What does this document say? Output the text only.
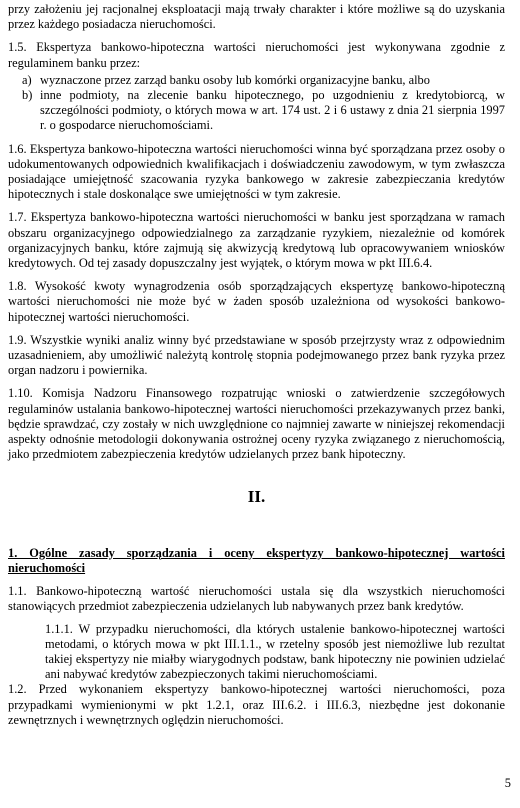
przy założeniu jej racjonalnej eksploatacji mają trwały charakter i które możliwe są do uzyskania przez każdego posiadacza nieruchomości.

1.5. Ekspertyza bankowo-hipoteczna wartości nieruchomości jest wykonywana zgodnie z regulaminem banku przez:

a) wyznaczone przez zarząd banku osoby lub komórki organizacyjne banku, albo
b) inne podmioty, na zlecenie banku hipotecznego, po uzgodnieniu z kredytobiorcą, w szczególności podmioty, o których mowa w art. 174 ust. 2 i 6 ustawy z dnia 21 sierpnia 1997 r. o gospodarce nieruchomościami.

1.6. Ekspertyza bankowo-hipoteczna wartości nieruchomości winna być sporządzana przez osoby o udokumentowanych odpowiednich kwalifikacjach i doświadczeniu zawodowym, w tym zwłaszcza posiadające umiejętność szacowania ryzyka bankowego w zakresie zabezpieczania kredytów hipotecznych i stale doskonalące swe umiejętności w tym zakresie.

1.7. Ekspertyza bankowo-hipoteczna wartości nieruchomości w banku jest sporządzana w ramach obszaru organizacyjnego odpowiedzialnego za zarządzanie ryzykiem, niezależnie od komórek organizacyjnych banku, które zajmują się akwizycją kredytową lub opracowywaniem wniosków kredytowych. Od tej zasady dopuszczalny jest wyjątek, o którym mowa w pkt III.6.4.

1.8. Wysokość kwoty wynagrodzenia osób sporządzających ekspertyzę bankowo-hipoteczną wartości nieruchomości nie może być w żaden sposób uzależniona od wysokości bankowo-hipotecznej wartości nieruchomości.

1.9. Wszystkie wyniki analiz winny być przedstawiane w sposób przejrzysty wraz z odpowiednim uzasadnieniem, aby umożliwić należytą kontrolę stopnia podejmowanego przez bank ryzyka przez organ nadzoru i powiernika.

1.10. Komisja Nadzoru Finansowego rozpatrując wnioski o zatwierdzenie szczegółowych regulaminów ustalania bankowo-hipotecznej wartości nieruchomości przekazywanych przez banki, będzie sprawdzać, czy zostały w nich uwzględnione co najmniej zawarte w niniejszej rekomendacji aspekty odnośnie metodologii dokonywania ostrożnej oceny ryzyka związanego z nieruchomością, jako przedmiotem zabezpieczenia kredytów udzielanych przez bank hipoteczny.

II.

1. Ogólne zasady sporządzania i oceny ekspertyzy bankowo-hipotecznej wartości nieruchomości

1.1. Bankowo-hipoteczną wartość nieruchomości ustala się dla wszystkich nieruchomości stanowiących przedmiot zabezpieczenia udzielanych lub nabywanych przez bank kredytów.

1.1.1. W przypadku nieruchomości, dla których ustalenie bankowo-hipotecznej wartości metodami, o których mowa w pkt III.1.1., w rzetelny sposób jest niemożliwe lub rezultat takiej ekspertyzy nie miałby wiarygodnych podstaw, bank hipoteczny nie powinien udzielać ani nabywać kredytów zabezpieczonych takimi nieruchomościami.

1.2. Przed wykonaniem ekspertyzy bankowo-hipotecznej wartości nieruchomości, poza przypadkami wymienionymi w pkt 1.2.1, oraz III.6.2. i III.6.3, niezbędne jest dokonanie zewnętrznych i wewnętrznych oględzin nieruchomości.

5
